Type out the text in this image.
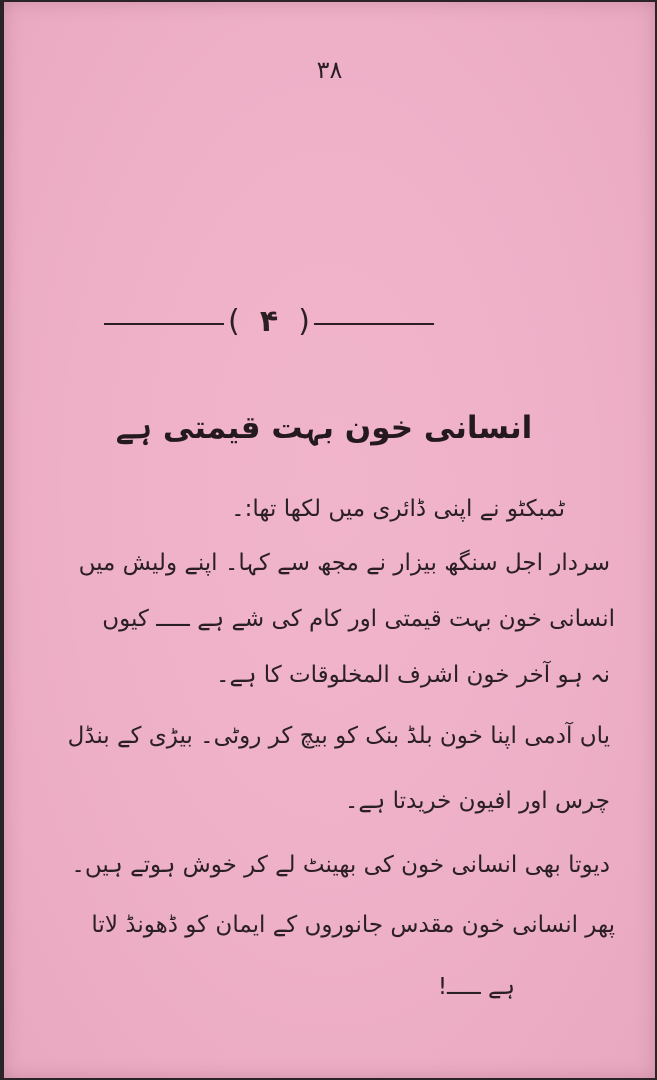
۳۸
( ۴ )
انسانی خون بہت قیمتی ہے
ٹمبکٹو نے اپنی ڈائری میں لکھا تھا:۔
سردار اجل سنگھ بیزار نے مجھ سے کہا۔ اپنے ولیش میں
انسانی خون بہت قیمتی اور کام کی شے ہے ـــــ کیوں
نہ ہو آخر خون اشرف المخلوقات کا ہے۔
یاں آدمی اپنا خون بلڈ بنک کو بیچ کر روٹی۔ بیڑی کے بنڈل
چرس اور افیون خریدتا ہے۔
دیوتا بھی انسانی خون کی بھینٹ لے کر خوش ہوتے ہیں۔
پھر انسانی خون مقدس جانوروں کے ایمان کو ڈھونڈ لاتا
ہے ـــــ!
